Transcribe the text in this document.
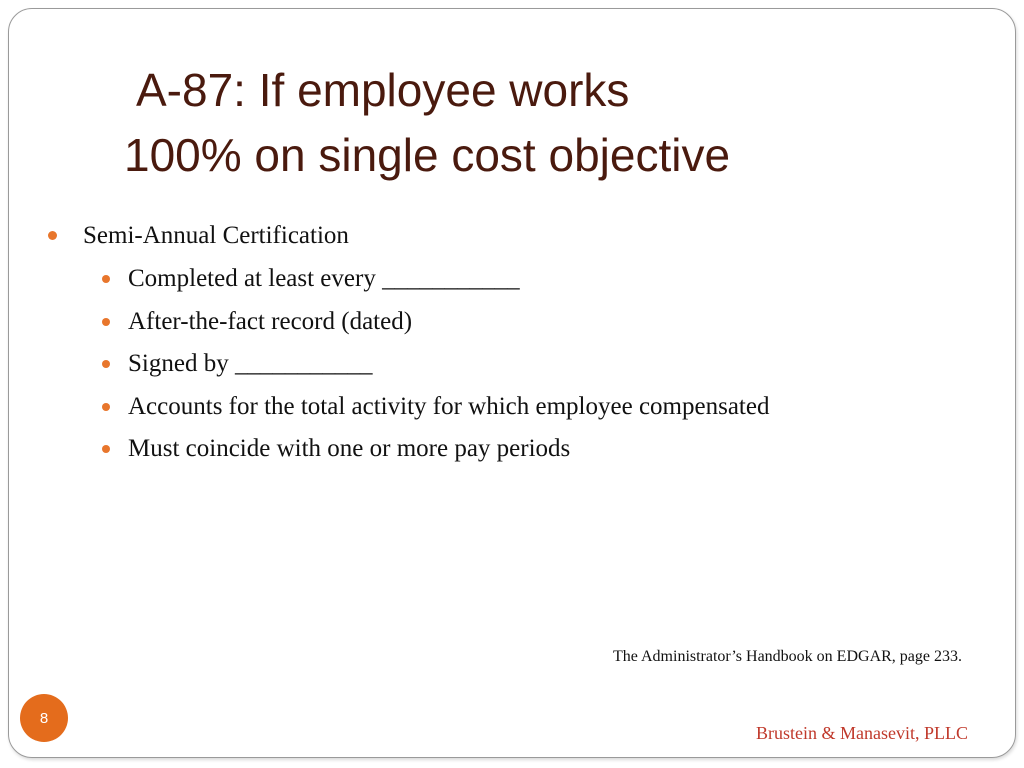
A-87: If employee works
100% on single cost objective
Semi-Annual Certification
Completed at least every ___________
After-the-fact record (dated)
Signed by ___________
Accounts for the total activity for which employee compensated
Must coincide with one or more pay periods
The Administrator’s Handbook on EDGAR, page 233.
8
Brustein & Manasevit, PLLC
